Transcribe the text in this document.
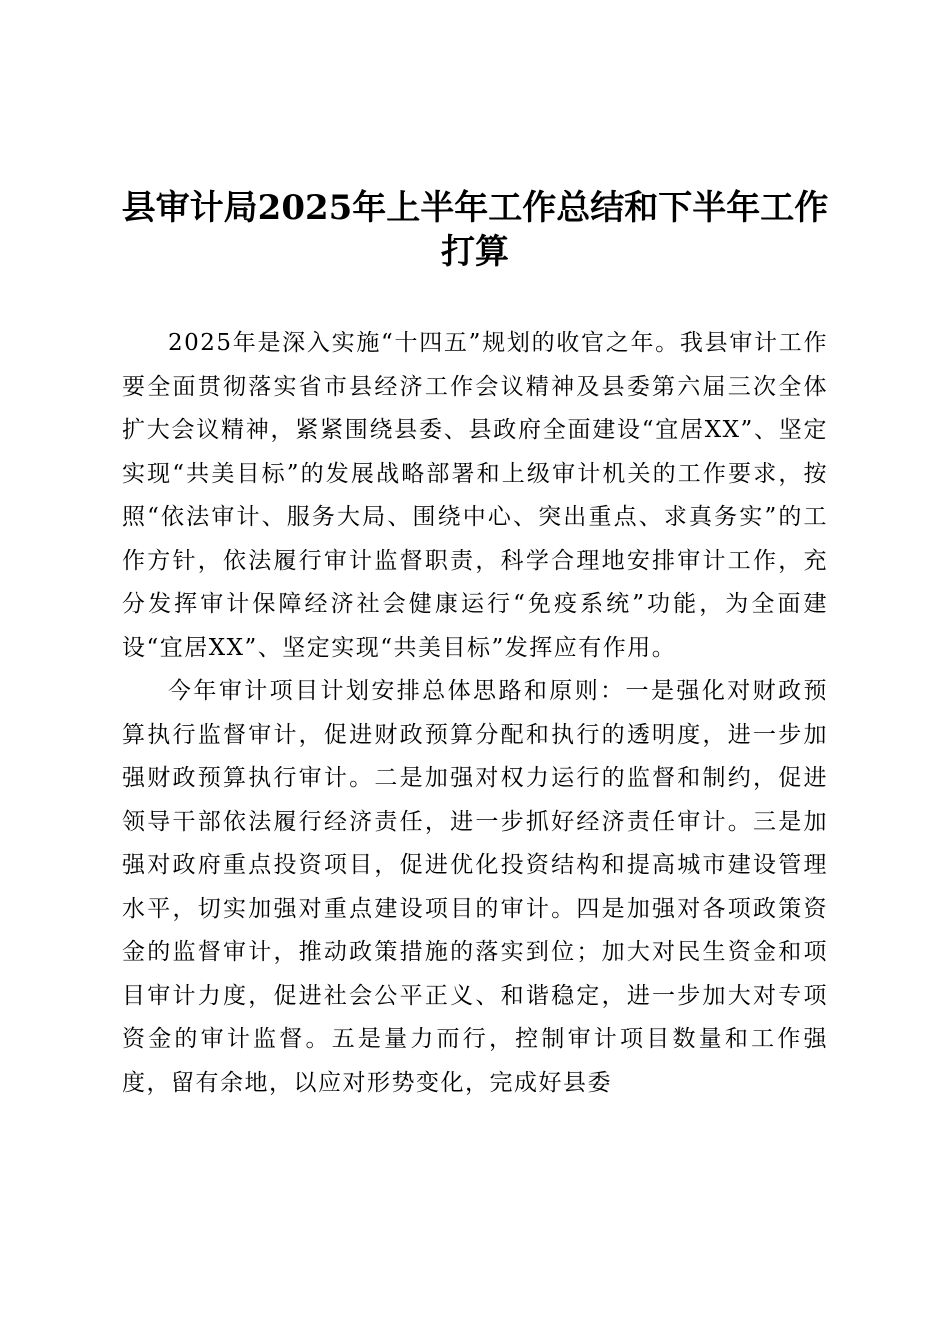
县审计局2025年上半年工作总结和下半年工作打算

2025年是深入实施“十四五”规划的收官之年。我县审计工作要全面贯彻落实省市县经济工作会议精神及县委第六届三次全体扩大会议精神，紧紧围绕县委、县政府全面建设“宜居XX”、坚定实现“共美目标”的发展战略部署和上级审计机关的工作要求，按照“依法审计、服务大局、围绕中心、突出重点、求真务实”的工作方针，依法履行审计监督职责，科学合理地安排审计工作，充分发挥审计保障经济社会健康运行“免疫系统”功能，为全面建设“宜居XX”、坚定实现“共美目标”发挥应有作用。

今年审计项目计划安排总体思路和原则：一是强化对财政预算执行监督审计，促进财政预算分配和执行的透明度，进一步加强财政预算执行审计。二是加强对权力运行的监督和制约，促进领导干部依法履行经济责任，进一步抓好经济责任审计。三是加强对政府重点投资项目，促进优化投资结构和提高城市建设管理水平，切实加强对重点建设项目的审计。四是加强对各项政策资金的监督审计，推动政策措施的落实到位；加大对民生资金和项目审计力度，促进社会公平正义、和谐稳定，进一步加大对专项资金的审计监督。五是量力而行，控制审计项目数量和工作强度，留有余地，以应对形势变化，完成好县委
